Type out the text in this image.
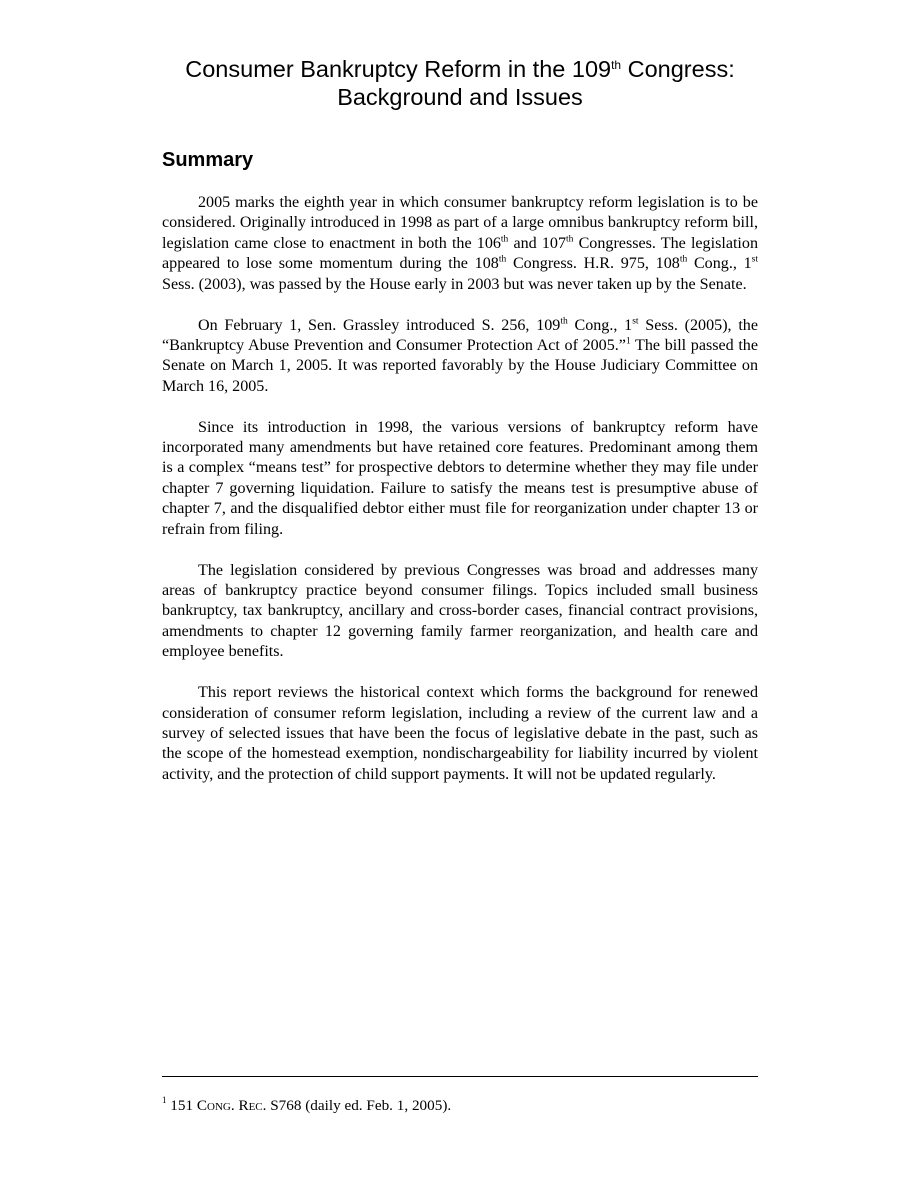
Consumer Bankruptcy Reform in the 109th Congress:
Background and Issues
Summary

2005 marks the eighth year in which consumer bankruptcy reform legislation is to be considered. Originally introduced in 1998 as part of a large omnibus bankruptcy reform bill, legislation came close to enactment in both the 106th and 107th Congresses. The legislation appeared to lose some momentum during the 108th Congress. H.R. 975, 108th Cong., 1st Sess. (2003), was passed by the House early in 2003 but was never taken up by the Senate.

On February 1, Sen. Grassley introduced S. 256, 109th Cong., 1st Sess. (2005), the “Bankruptcy Abuse Prevention and Consumer Protection Act of 2005.”$^1$ The bill passed the Senate on March 1, 2005. It was reported favorably by the House Judiciary Committee on March 16, 2005.

Since its introduction in 1998, the various versions of bankruptcy reform have incorporated many amendments but have retained core features. Predominant among them is a complex “means test” for prospective debtors to determine whether they may file under chapter 7 governing liquidation. Failure to satisfy the means test is presumptive abuse of chapter 7, and the disqualified debtor either must file for reorganization under chapter 13 or refrain from filing.

The legislation considered by previous Congresses was broad and addresses many areas of bankruptcy practice beyond consumer filings. Topics included small business bankruptcy, tax bankruptcy, ancillary and cross-border cases, financial contract provisions, amendments to chapter 12 governing family farmer reorganization, and health care and employee benefits.

This report reviews the historical context which forms the background for renewed consideration of consumer reform legislation, including a review of the current law and a survey of selected issues that have been the focus of legislative debate in the past, such as the scope of the homestead exemption, nondischargeability for liability incurred by violent activity, and the protection of child support payments. It will not be updated regularly.

$^1$ 151 Cong. Rec. S768 (daily ed. Feb. 1, 2005).
